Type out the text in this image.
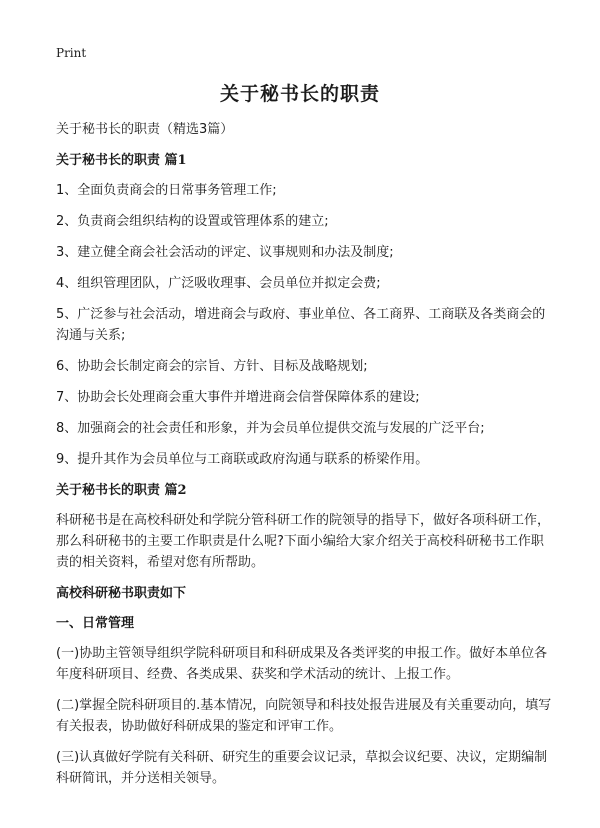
Print
关于秘书长的职责

关于秘书长的职责（精选3篇）

关于秘书长的职责 篇1

1、全面负责商会的日常事务管理工作;

2、负责商会组织结构的设置或管理体系的建立;

3、建立健全商会社会活动的评定、议事规则和办法及制度;

4、组织管理团队，广泛吸收理事、会员单位并拟定会费;

5、广泛参与社会活动，增进商会与政府、事业单位、各工商界、工商联及各类商会的沟通与关系;

6、协助会长制定商会的宗旨、方针、目标及战略规划;

7、协助会长处理商会重大事件并增进商会信誉保障体系的建设;

8、加强商会的社会责任和形象，并为会员单位提供交流与发展的广泛平台;

9、提升其作为会员单位与工商联或政府沟通与联系的桥梁作用。

关于秘书长的职责 篇2

科研秘书是在高校科研处和学院分管科研工作的院领导的指导下，做好各项科研工作，那么科研秘书的主要工作职责是什么呢?下面小编给大家介绍关于高校科研秘书工作职责的相关资料，希望对您有所帮助。

高校科研秘书职责如下

一、日常管理

(一)协助主管领导组织学院科研项目和科研成果及各类评奖的申报工作。做好本单位各年度科研项目、经费、各类成果、获奖和学术活动的统计、上报工作。

(二)掌握全院科研项目的.基本情况，向院领导和科技处报告进展及有关重要动向，填写有关报表，协助做好科研成果的鉴定和评审工作。

(三)认真做好学院有关科研、研究生的重要会议记录，草拟会议纪要、决议，定期编制科研简讯，并分送相关领导。
